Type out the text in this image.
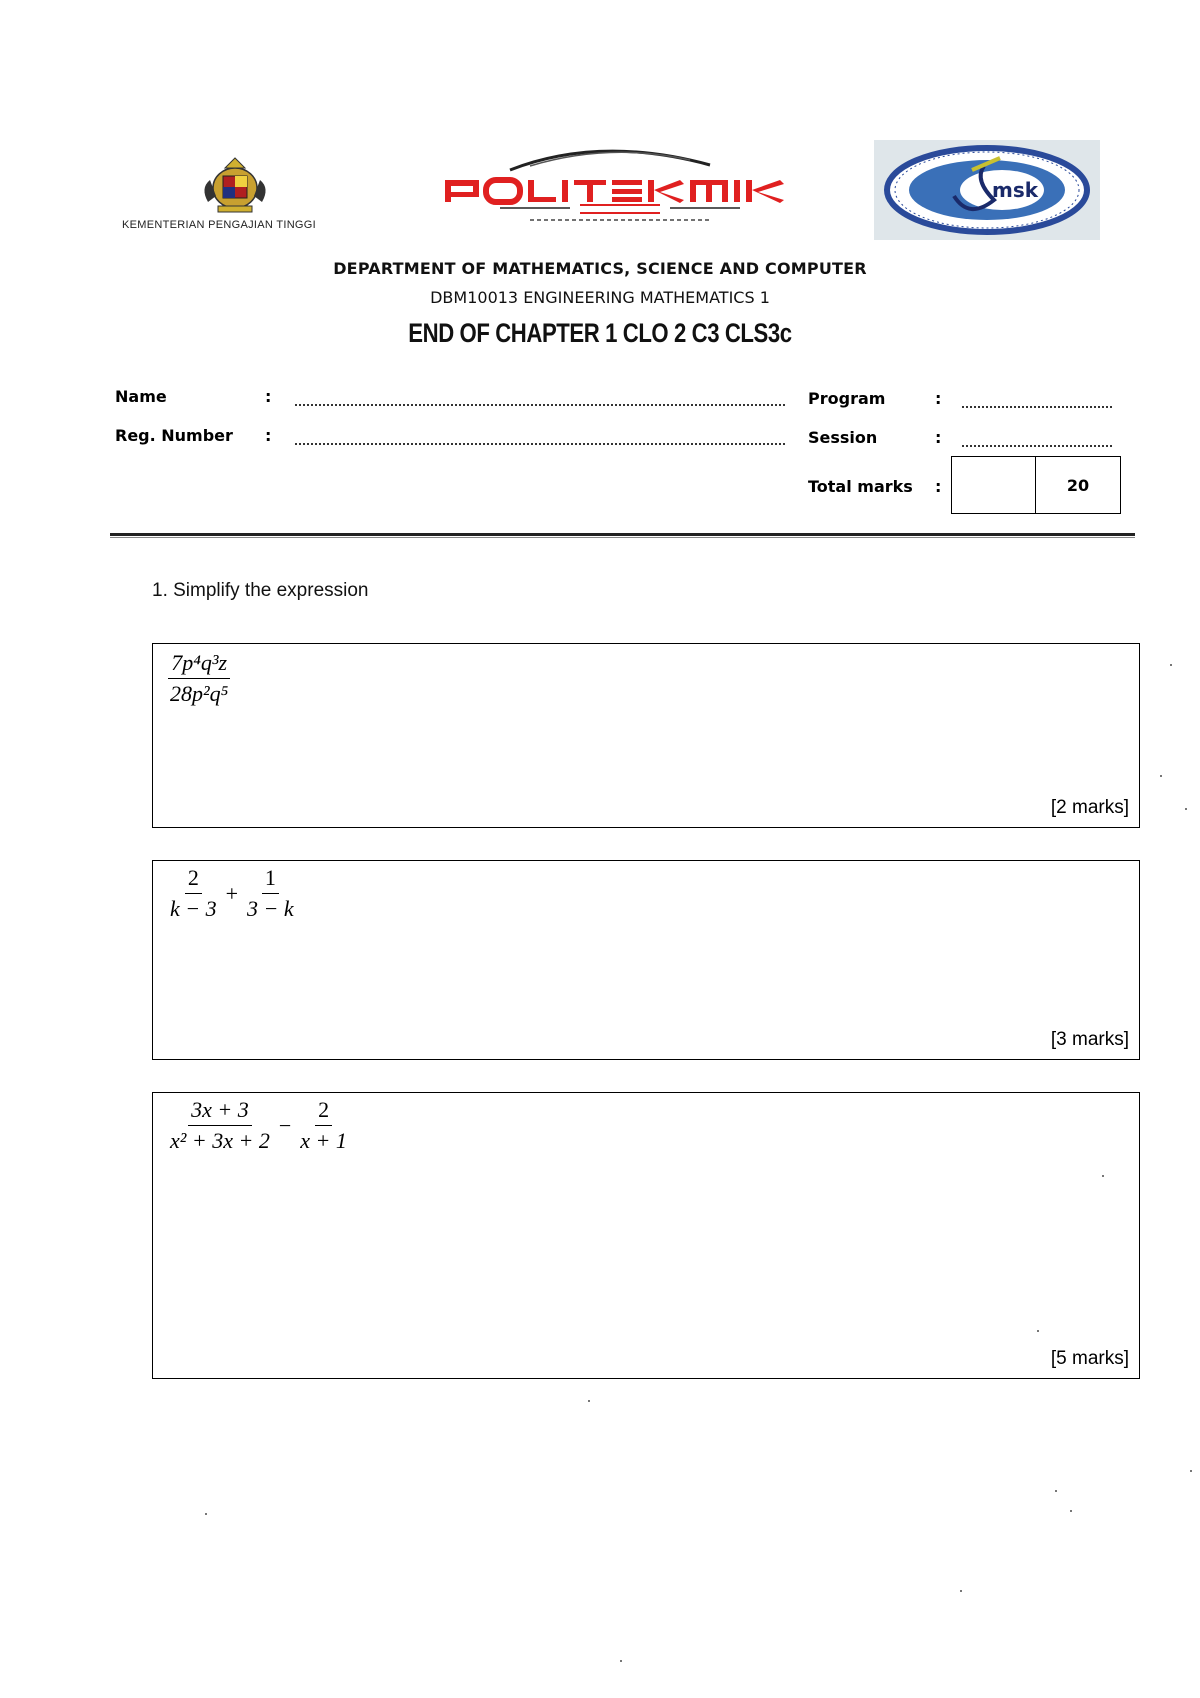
KEMENTERIAN PENGAJIAN TINGGI
msk
DEPARTMENT OF MATHEMATICS, SCIENCE AND COMPUTER
DBM10013 ENGINEERING MATHEMATICS 1
END OF CHAPTER 1 CLO 2 C3 CLS3c
Name	:
Reg. Number :
Program	:
Session	:
Total marks :	20
1. Simplify the expression
$\frac{\text{7p⁴q³z}}{\text{28p²q⁵}}$
[2 marks]
$\frac{2}{k - 3} + \frac{1}{3 - k}$
[3 marks]
$\frac{3x + 3}{\text{x² + 3x + 2}} - \frac{2}{x + 1}$
[5 marks]
